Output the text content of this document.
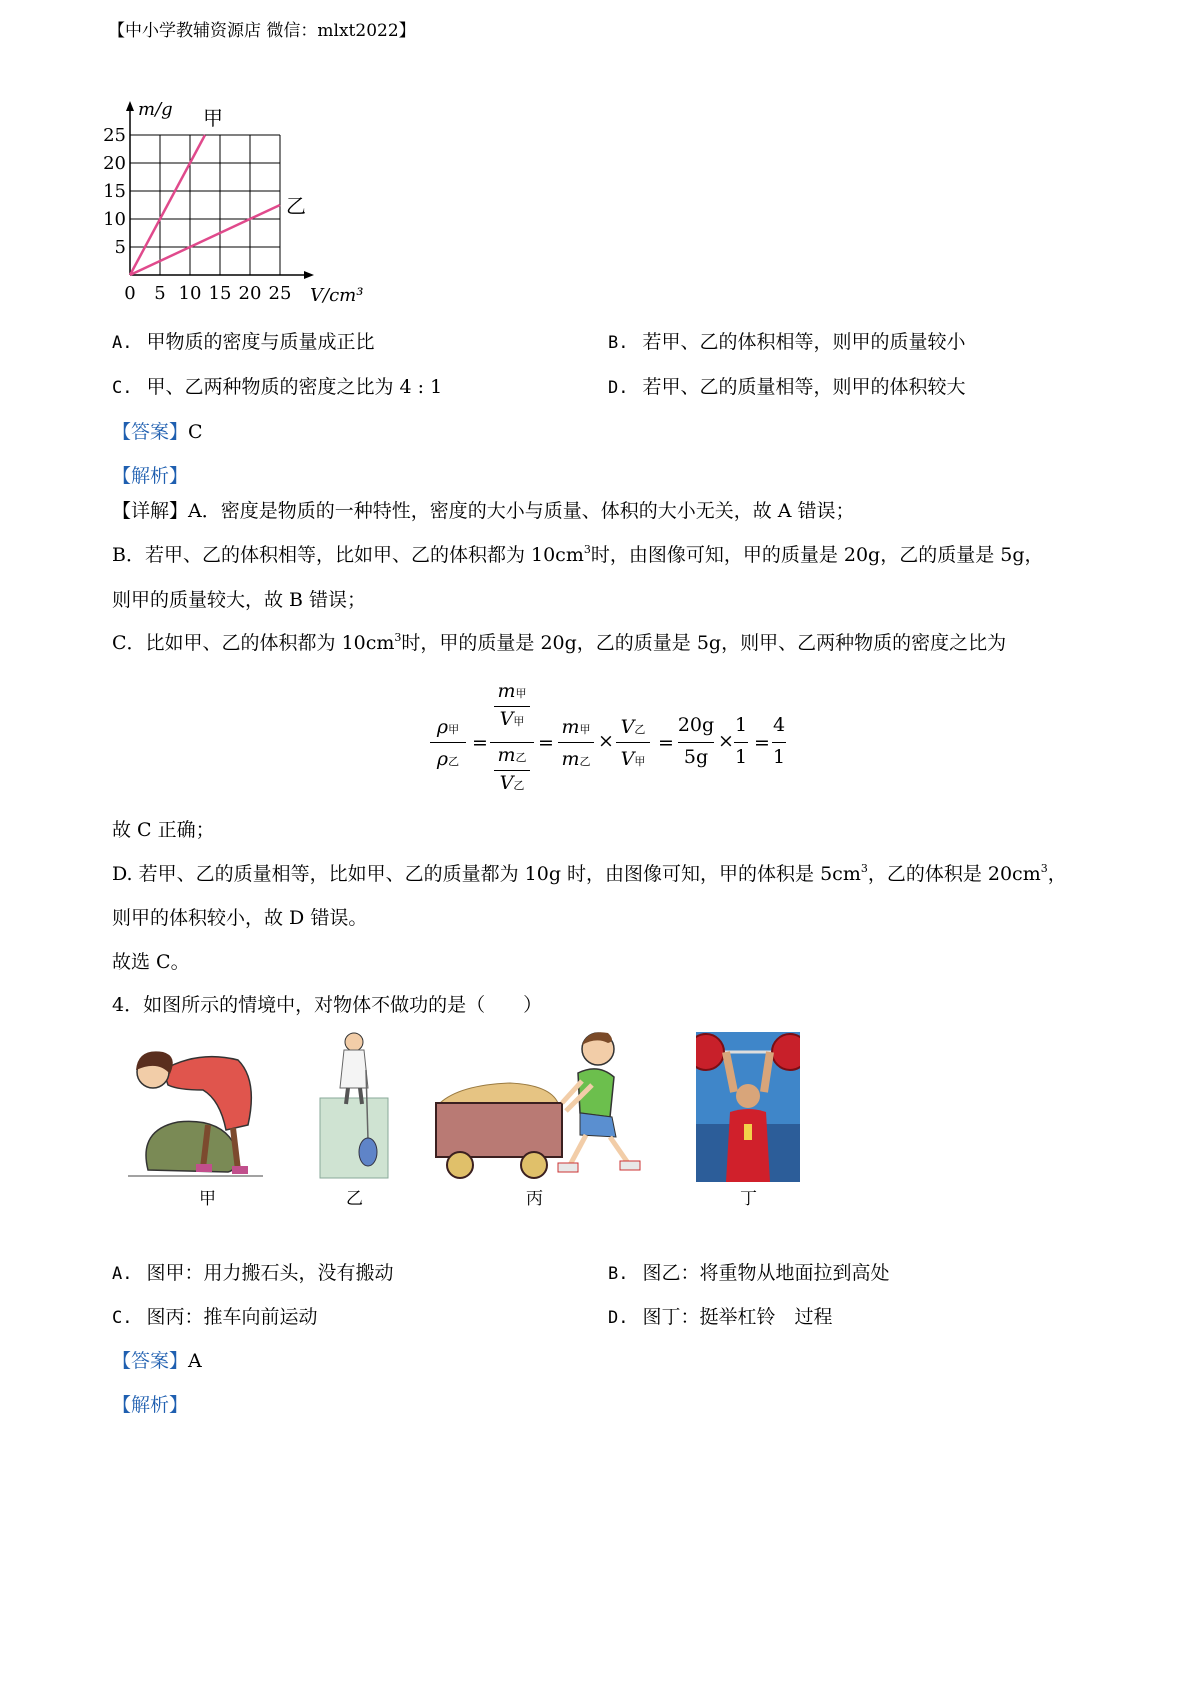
【中小学教辅资源店 微信：mlxt2022】
0 5 10 15 20 25
5
10
15
20
25
V/cm³
m/g 甲
乙
A. 甲物质的密度与质量成正比	B. 若甲、乙的体积相等，则甲的质量较小
C. 甲、乙两种物质的密度之比为 4 : 1	D. 若甲、乙的质量相等，则甲的体积较大
【答案】C
【解析】
【详解】A．密度是物质的一种特性，密度的大小与质量、体积的大小无关，故 A 错误；
B．若甲、乙的体积相等，比如甲、乙的体积都为 $10cm^3$时，由图像可知，甲的质量是 20g，乙的质量是 5g，
则甲的质量较大，故 B 错误；
C．比如甲、乙的体积都为 $10cm^3$时，甲的质量是 20g，乙的质量是 5g，则甲、乙两种物质的密度之比为
ρ甲
ρ乙
=
m甲
V甲
m乙
V乙
=
m甲
m乙
×
V乙
V甲
=
20g
5g
×
1
1
=
4
1
故 C 正确；
D. 若甲、乙的质量相等，比如甲、乙的质量都为 10g 时，由图像可知，甲的体积是 $5cm^3$，乙的体积是 $20cm^3$，
则甲的体积较小，故 D 错误。
故选 C。
4．如图所示的情境中，对物体不做功的是（　　）
甲	乙	丙	丁
A. 图甲：用力搬石头，没有搬动	B. 图乙：将重物从地面拉到高处
C. 图丙：推车向前运动	D. 图丁：挺举杠铃　过程
【答案】A
【解析】
